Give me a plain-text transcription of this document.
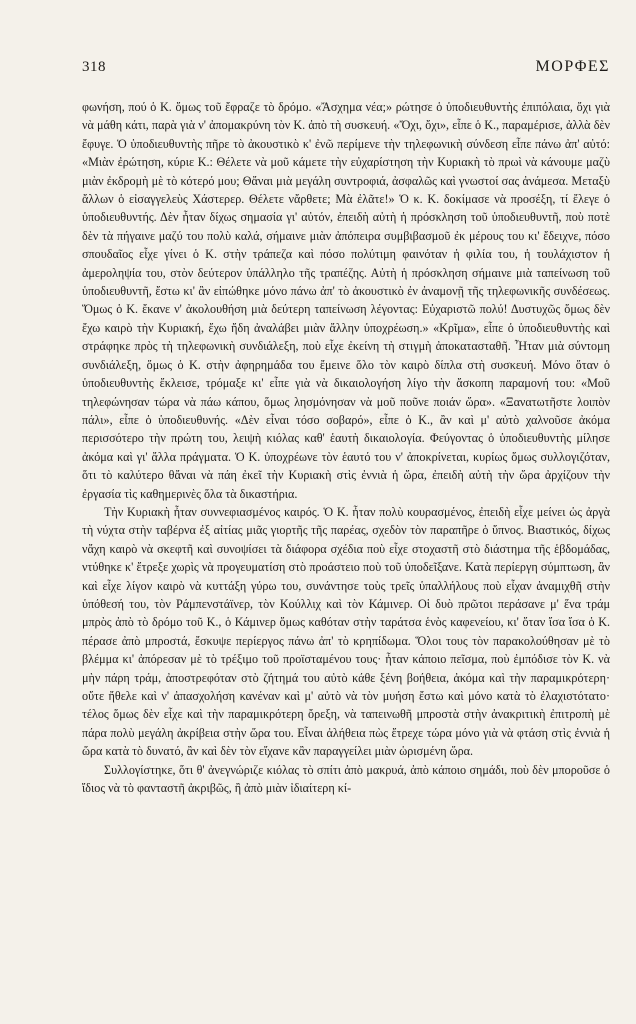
318	ΜΟΡΦΕΣ

φωνήση, πού ὁ Κ. ὅμως τοῦ ἔφραζε τὸ δρόμο. «Ἄσχημα νέα;» ρώτησε ὁ ὑποδιευθυντὴς ἐπιπόλαια, ὄχι γιὰ νὰ μάθη κάτι, παρὰ γιὰ ν' ἀπομακρύνη τὸν Κ. ἀπὸ τὴ συσκευή. «Ὄχι, ὄχι», εἶπε ὁ Κ., παραμέρισε, ἀλλὰ δὲν ἔφυγε. Ὁ ὑποδιευθυντὴς πῆρε τὸ ἀκουστικὸ κ' ἐνῶ περίμενε τὴν τηλεφωνικὴ σύνδεση εἶπε πάνω ἀπ' αὐτό: «Μιὰν ἐρώτηση, κύριε Κ.: Θέλετε νὰ μοῦ κάμετε τὴν εὐχαρίστηση τὴν Κυριακὴ τὸ πρωὶ νὰ κάνουμε μαζὺ μιὰν ἐκδρομὴ μὲ τὸ κότερό μου; Θἄναι μιὰ μεγάλη συντροφιά, ἀσφαλῶς καὶ γνωστοί σας ἀνάμεσα. Μεταξὺ ἄλλων ὁ εἰσαγγελεὺς Χάστερερ. Θέλετε νἄρθετε; Μὰ ἐλᾶτε!» Ὁ κ. Κ. δοκίμασε νὰ προσέξη, τί ἔλεγε ὁ ὑποδιευθυντής. Δὲν ἦταν δίχως σημασία γι' αὐτόν, ἐπειδὴ αὐτὴ ἡ πρόσκληση τοῦ ὑποδιευθυντῆ, ποὺ ποτὲ δὲν τὰ πήγαινε μαζύ του πολὺ καλά, σήμαινε μιὰν ἀπόπειρα συμβιβασμοῦ ἐκ μέρους του κι' ἔδειχνε, πόσο σπουδαῖος εἶχε γίνει ὁ Κ. στὴν τράπεζα καὶ πόσο πολύτιμη φαινόταν ἡ φιλία του, ἡ τουλάχιστον ἡ ἀμεροληψία του, στὸν δεύτερον ὑπάλληλο τῆς τραπέζης. Αὐτὴ ἡ πρόσκληση σήμαινε μιὰ ταπείνωση τοῦ ὑποδιευθυντῆ, ἔστω κι' ἂν εἰπώθηκε μόνο πάνω ἀπ' τὸ ἀκουστικὸ ἐν ἀναμονῇ τῆς τηλεφωνικῆς συνδέσεως. Ὅμως ὁ Κ. ἔκανε ν' ἀκολουθήση μιὰ δεύτερη ταπείνωση λέγοντας: Εὐχαριστῶ πολύ! Δυστυχῶς ὅμως δὲν ἔχω καιρὸ τὴν Κυριακή, ἔχω ἤδη ἀναλάβει μιὰν ἄλλην ὑποχρέωση.» «Κρῖμα», εἶπε ὁ ὑποδιευθυντὴς καὶ στράφηκε πρὸς τὴ τηλεφωνικὴ συνδιάλεξη, ποὺ εἶχε ἐκείνη τὴ στιγμὴ ἀποκατασταθῆ. Ἦταν μιὰ σύντομη συνδιάλεξη, ὅμως ὁ Κ. στὴν ἀφηρημάδα του ἔμεινε ὅλο τὸν καιρὸ δίπλα στὴ συσκευή. Μόνο ὅταν ὁ ὑποδιευθυντὴς ἔκλεισε, τρόμαξε κι' εἶπε γιὰ νὰ δικαιολογήση λίγο τὴν ἄσκοπη παραμονή του: «Μοῦ τηλεφώνησαν τώρα νὰ πάω κάπου, ὅμως λησμόνησαν νὰ μοῦ ποῦνε ποιάν ὥρα». «Ξανατωτῆστε λοιπὸν πάλι», εἶπε ὁ ὑποδιευθυνής. «Δὲν εἶναι τόσο σοβαρό», εἶπε ὁ Κ., ἂν καὶ μ' αὐτὸ χαλνοῦσε ἀκόμα περισσότερο τὴν πρώτη του, λειψὴ κιόλας καθ' ἑαυτὴ δικαιολογία. Φεύγοντας ὁ ὑποδιευθυντὴς μίλησε ἀκόμα καὶ γι' ἄλλα πράγματα. Ὁ Κ. ὑποχρέωνε τὸν ἑαυτό του ν' ἀποκρίνεται, κυρίως ὅμως συλλογιζόταν, ὅτι τὸ καλύτερο θἄναι νὰ πάη ἐκεῖ τὴν Κυριακὴ στὶς ἐννιὰ ἡ ὥρα, ἐπειδὴ αὐτὴ τὴν ὥρα ἀρχίζουν τὴν ἐργασία τὶς καθημερινὲς ὅλα τὰ δικαστήρια.

Τὴν Κυριακὴ ἦταν συννεφιασμένος καιρός. Ὁ Κ. ἦταν πολὺ κουρασμένος, ἐπειδὴ εἶχε μείνει ὡς ἀργὰ τὴ νύχτα στὴν ταβέρνα ἐξ αἰτίας μιᾶς γιορτῆς τῆς παρέας, σχεδὸν τὸν παραπῆρε ὁ ὕπνος. Βιαστικός, δίχως νἄχη καιρὸ νὰ σκεφτῆ καὶ συνοψίσει τὰ διάφορα σχέδια ποὺ εἶχε στοχαστῆ στὸ διάστημα τῆς ἑβδομάδας, ντύθηκε κ' ἔτρεξε χωρὶς νὰ προγευματίση στὸ προάστειο ποὺ τοῦ ὑποδεῖξανε. Κατὰ περίεργη σύμπτωση, ἂν καὶ εἶχε λίγον καιρὸ νὰ κυττάξη γύρω του, συνάντησε τοὺς τρεῖς ὑπαλλήλους ποὺ εἶχαν ἀναμιχθῆ στὴν ὑπόθεσή του, τὸν Ράμπενστάϊνερ, τὸν Κούλλιχ καὶ τὸν Κάμινερ. Οἱ δυὸ πρῶτοι περάσανε μ' ἕνα τράμ μπρὸς ἀπὸ τὸ δρόμο τοῦ Κ., ὁ Κάμινερ ὅμως καθόταν στὴν ταράτσα ἑνὸς καφενείου, κι' ὅταν ἴσα ἴσα ὁ Κ. πέρασε ἀπὸ μπροστά, ἔσκυψε περίεργος πάνω ἀπ' τὸ κρηπίδωμα. Ὅλοι τους τὸν παρακολούθησαν μὲ τὸ βλέμμα κι' ἀπόρεσαν μὲ τὸ τρέξιμο τοῦ προϊσταμένου τους· ἦταν κάποιο πεῖσμα, ποὺ ἐμπόδισε τὸν Κ. νὰ μὴν πάρη τράμ, ἀποστρεφόταν στὸ ζήτημά του αὐτὸ κάθε ξένη βοήθεια, ἀκόμα καὶ τὴν παραμικρότερη· οὔτε ἤθελε καὶ ν' ἀπασχολήση κανέναν καὶ μ' αὐτὸ νὰ τὸν μυήση ἔστω καὶ μόνο κατὰ τὸ ἐλαχιστότατο· τέλος ὅμως δὲν εἶχε καὶ τὴν παραμικρότερη ὄρεξη, νὰ ταπεινωθῆ μπροστὰ στὴν ἀνακριτικὴ ἐπιτροπὴ μὲ πάρα πολὺ μεγάλη ἀκρίβεια στὴν ὥρα του. Εἶναι ἀλήθεια πὼς ἔτρεχε τώρα μόνο γιὰ νὰ φτάση στὶς ἐννιὰ ἡ ὥρα κατὰ τὸ δυνατό, ἂν καὶ δὲν τὸν εἴχανε κἂν παραγγείλει μιὰν ὡρισμένη ὥρα.

Συλλογίστηκε, ὅτι θ' ἀνεγνώριζε κιόλας τὸ σπίτι ἀπὸ μακρυά, ἀπὸ κάποιο σημάδι, ποὺ δὲν μποροῦσε ὁ ἴδιος νὰ τὸ φανταστῆ ἀκριβῶς, ἢ ἀπὸ μιὰν ἰδιαίτερη κί-
